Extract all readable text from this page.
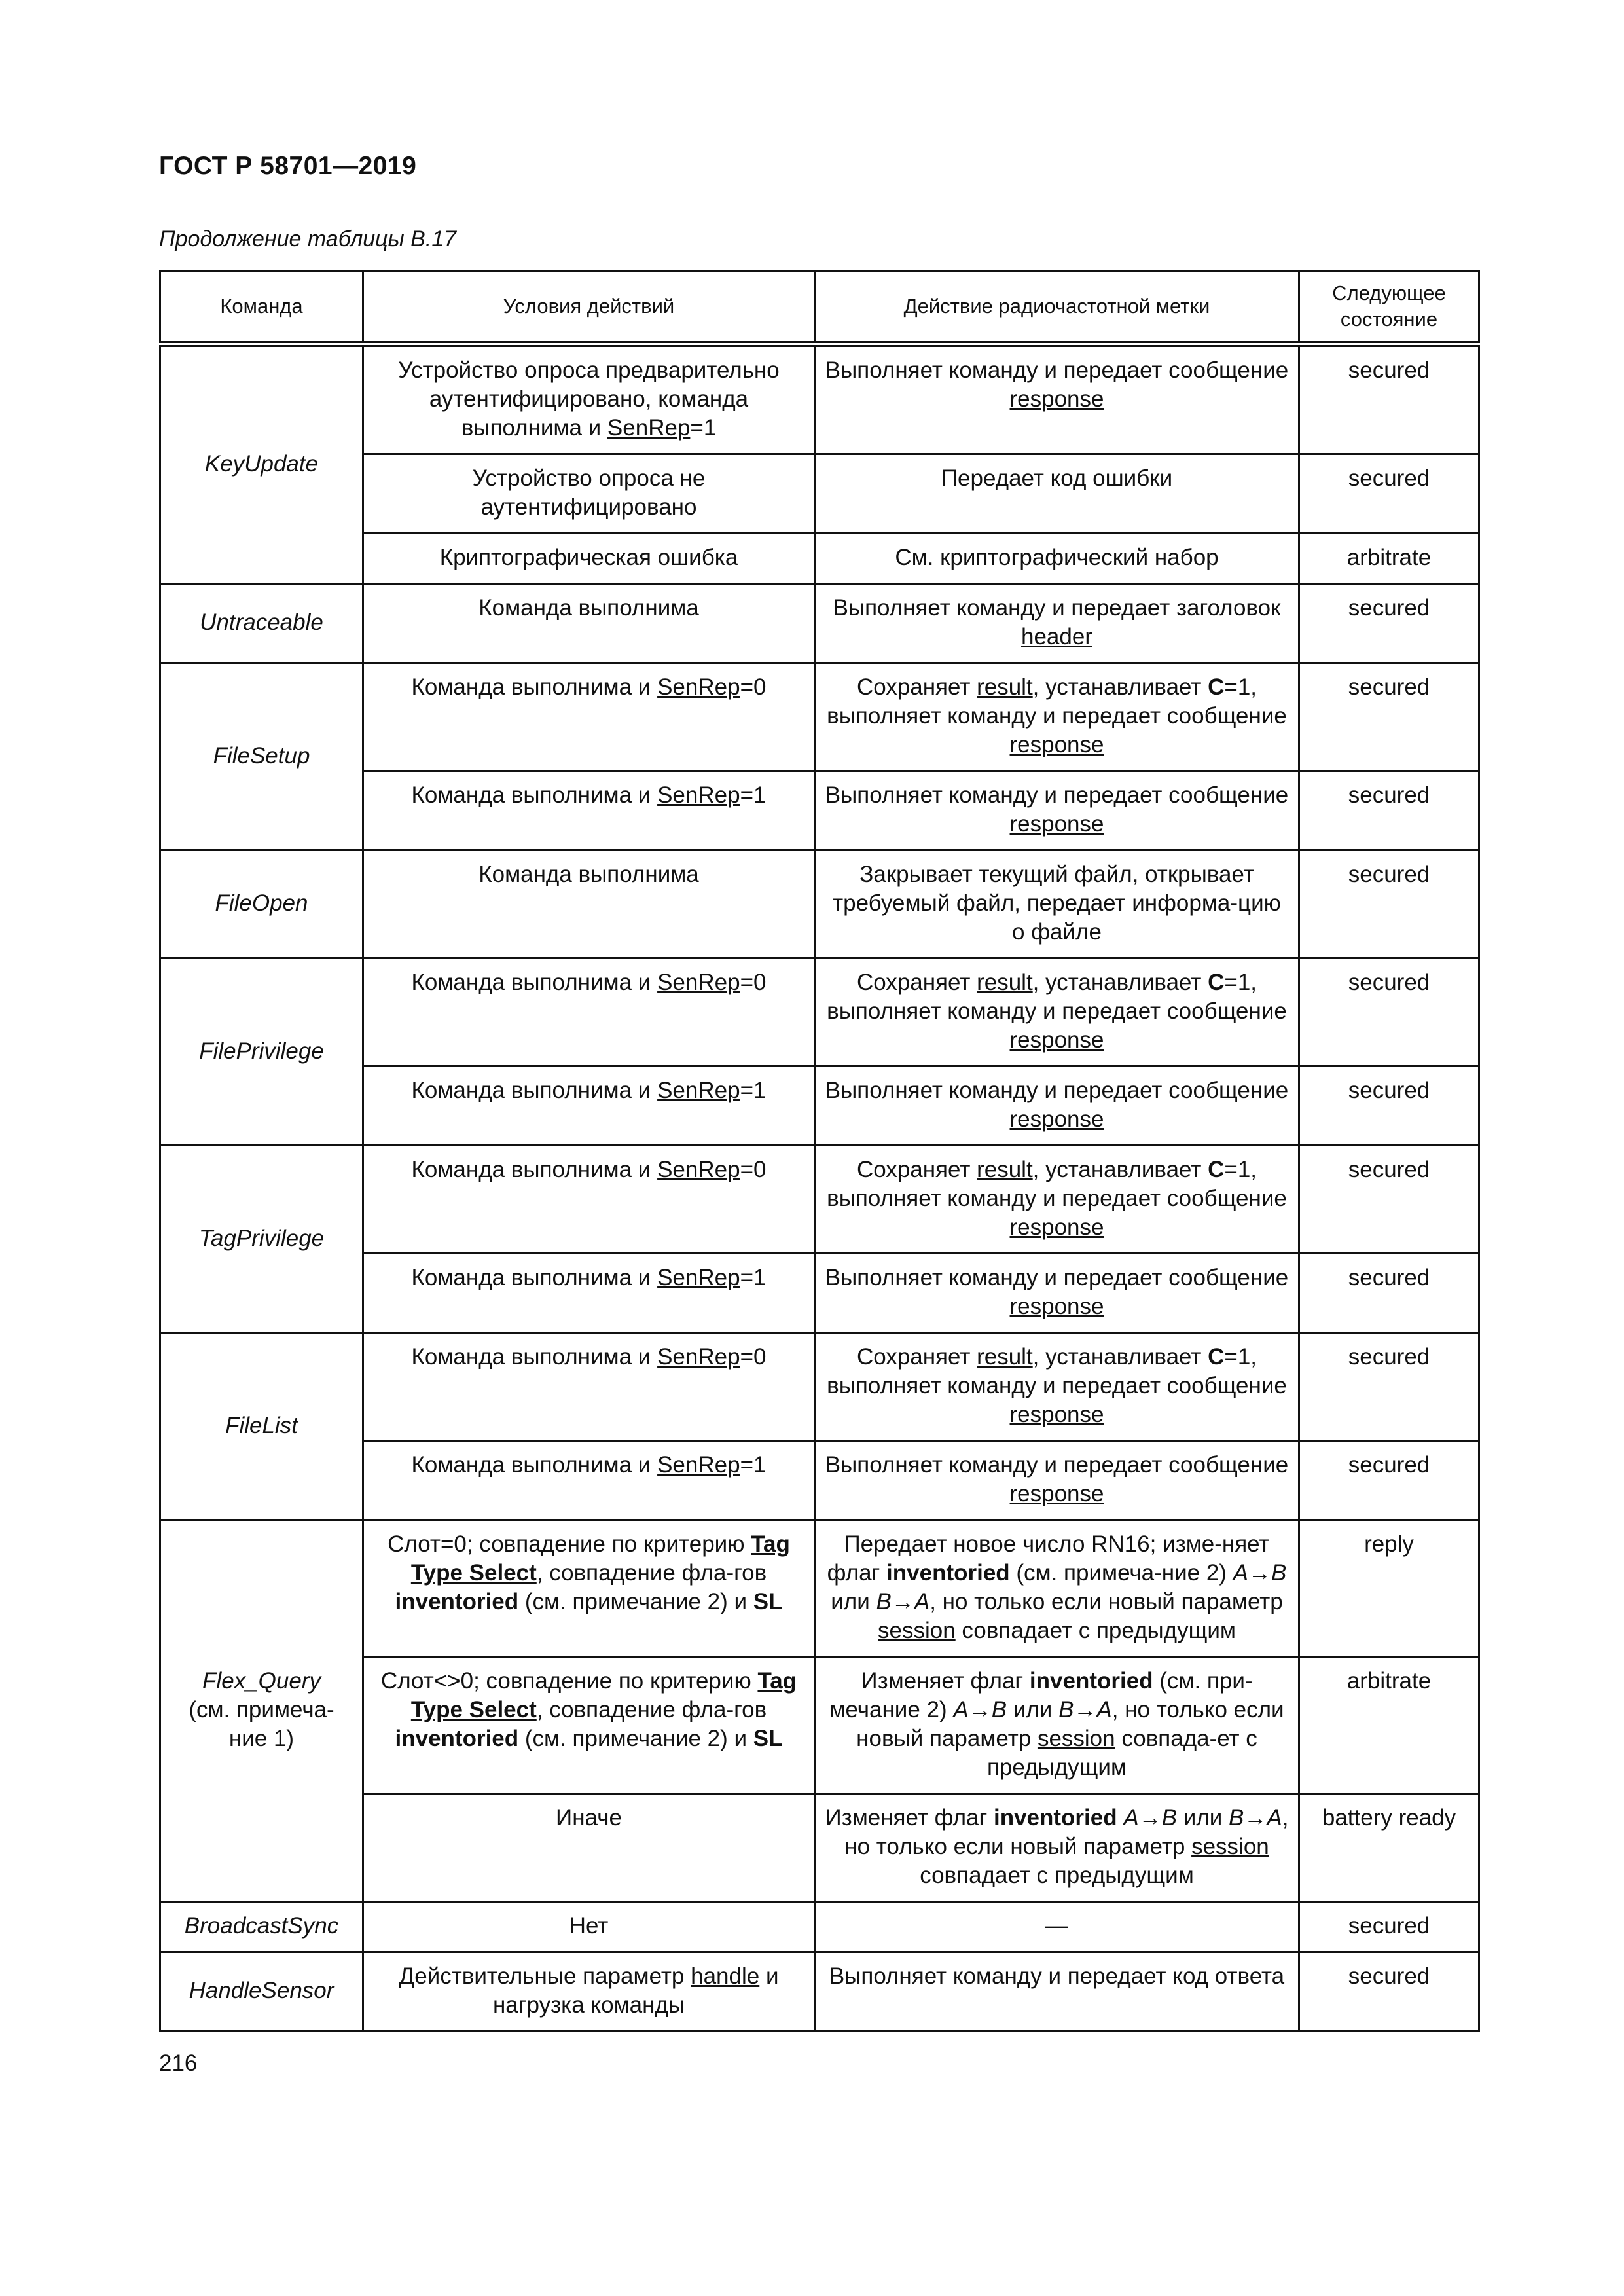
ГОСТ Р 58701—2019
Продолжение таблицы В.17
Команда	Условия действий	Действие радиочастотной метки	Следующее состояние
KeyUpdate	Устройство опроса предварительно аутентифицировано, команда выполнима и SenRep=1	Выполняет команду и передает сообщение response	secured
	Устройство опроса не аутентифицировано	Передает код ошибки	secured
	Криптографическая ошибка	См. криптографический набор	arbitrate
Untraceable	Команда выполнима	Выполняет команду и передает заголовок header	secured
FileSetup	Команда выполнима и SenRep=0	Сохраняет result, устанавливает C=1, выполняет команду и передает сообщение response	secured
	Команда выполнима и SenRep=1	Выполняет команду и передает сообщение response	secured
FileOpen	Команда выполнима	Закрывает текущий файл, открывает требуемый файл, передает информа-цию о файле	secured
FilePrivilege	Команда выполнима и SenRep=0	Сохраняет result, устанавливает C=1, выполняет команду и передает сообщение response	secured
	Команда выполнима и SenRep=1	Выполняет команду и передает сообщение response	secured
TagPrivilege	Команда выполнима и SenRep=0	Сохраняет result, устанавливает C=1, выполняет команду и передает сообщение response	secured
	Команда выполнима и SenRep=1	Выполняет команду и передает сообщение response	secured
FileList	Команда выполнима и SenRep=0	Сохраняет result, устанавливает C=1, выполняет команду и передает сообщение response	secured
	Команда выполнима и SenRep=1	Выполняет команду и передает сообщение response	secured
Flex_Query
(см. примеча-ние 1)	Слот=0; совпадение по критерию Tag Type Select, совпадение фла-гов inventoried (см. примечание 2) и SL	Передает новое число RN16; изме-няет флаг inventoried (см. примеча-ние 2) A→B или B→A, но только если новый параметр session совпадает с предыдущим	reply
	Слот<>0; совпадение по критерию Tag Type Select, совпадение фла-гов inventoried (см. примечание 2) и SL	Изменяет флаг inventoried (см. при-мечание 2) A→B или B→A, но только если новый параметр session совпада-ет с предыдущим	arbitrate
	Иначе	Изменяет флаг inventoried A→B или B→A, но только если новый параметр session совпадает с предыдущим	battery ready
BroadcastSync	Нет	—	secured
HandleSensor	Действительные параметр handle и нагрузка команды	Выполняет команду и передает код ответа	secured
216
